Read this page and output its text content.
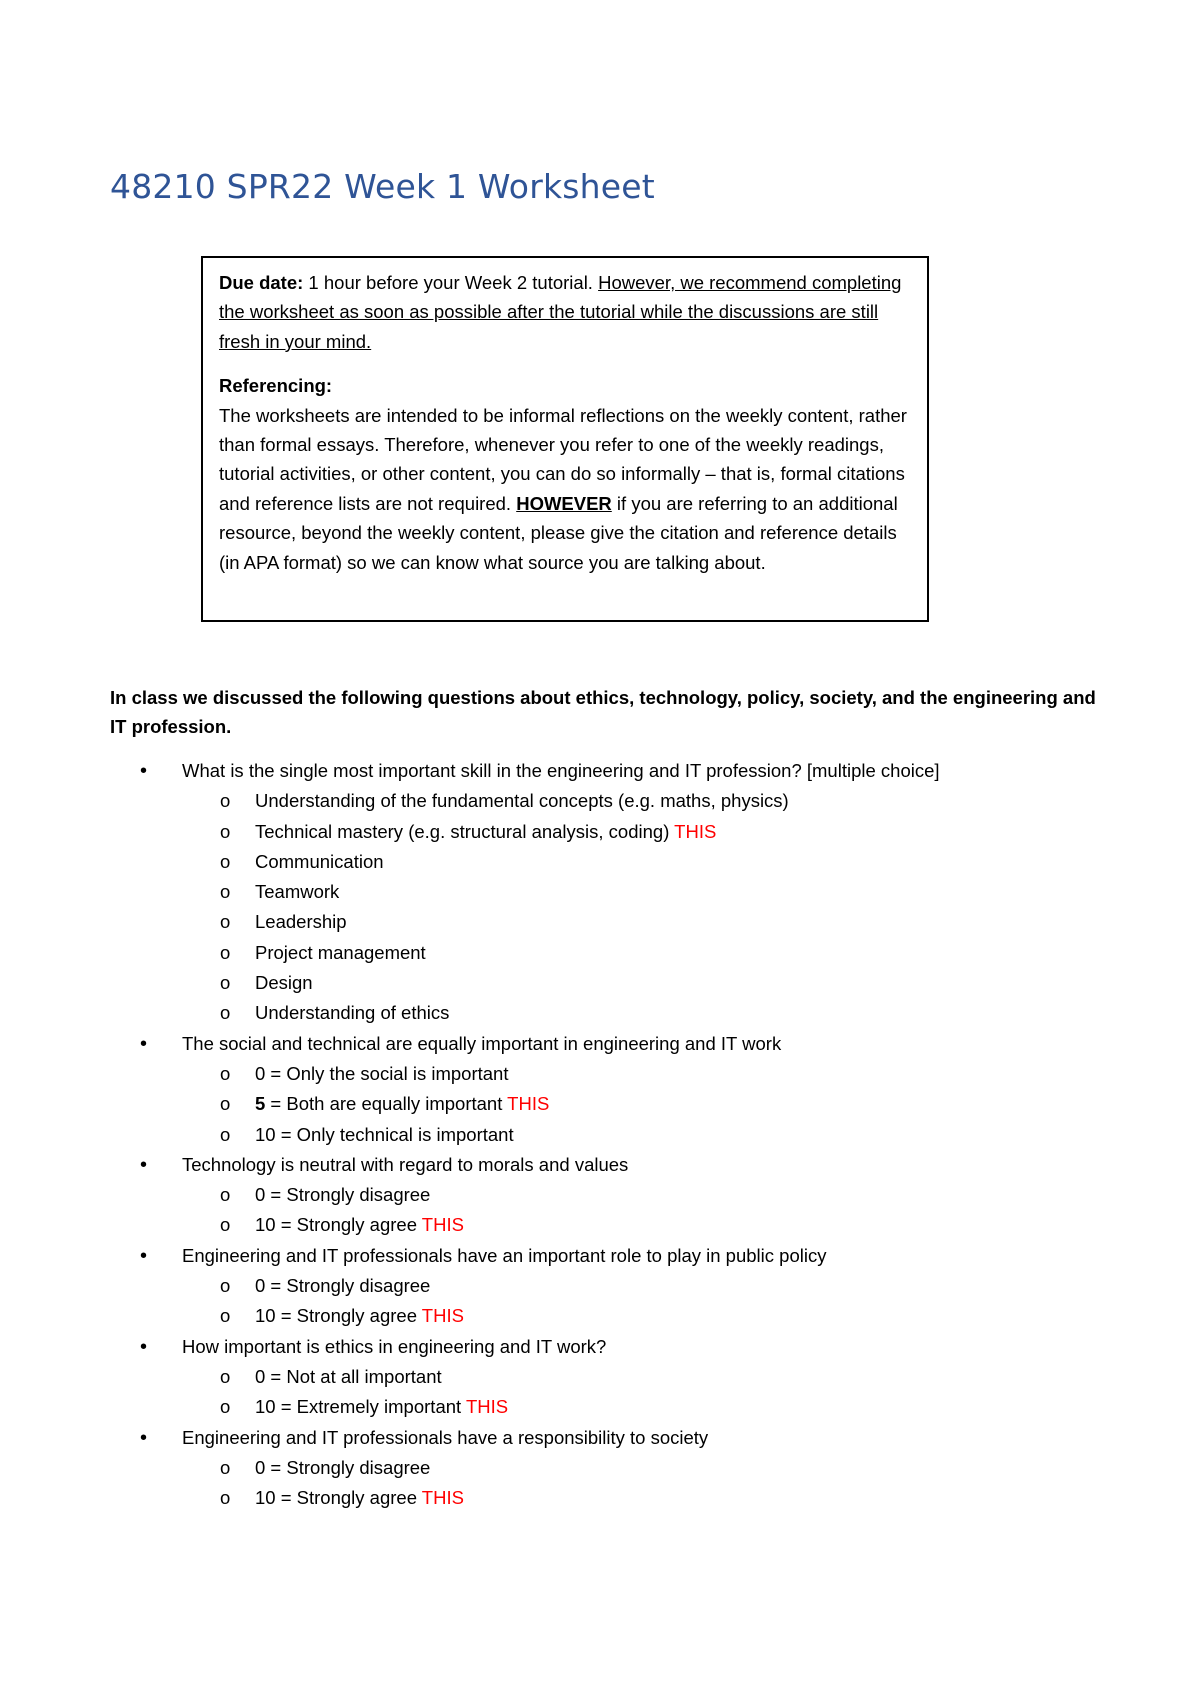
48210 SPR22 Week 1 Worksheet

Due date: 1 hour before your Week 2 tutorial. However, we recommend completing the worksheet as soon as possible after the tutorial while the discussions are still fresh in your mind.

Referencing:

The worksheets are intended to be informal reflections on the weekly content, rather than formal essays. Therefore, whenever you refer to one of the weekly readings, tutorial activities, or other content, you can do so informally – that is, formal citations and reference lists are not required. HOWEVER if you are referring to an additional resource, beyond the weekly content, please give the citation and reference details (in APA format) so we can know what source you are talking about.

In class we discussed the following questions about ethics, technology, policy, society, and the engineering and IT profession.

• What is the single most important skill in the engineering and IT profession? [multiple choice]
o Understanding of the fundamental concepts (e.g. maths, physics)
o Technical mastery (e.g. structural analysis, coding) THIS
o Communication
o Teamwork
o Leadership
o Project management
o Design
o Understanding of ethics
• The social and technical are equally important in engineering and IT work
o 0 = Only the social is important
o 5 = Both are equally important THIS
o 10 = Only technical is important
• Technology is neutral with regard to morals and values
o 0 = Strongly disagree
o 10 = Strongly agree THIS
• Engineering and IT professionals have an important role to play in public policy
o 0 = Strongly disagree
o 10 = Strongly agree THIS
• How important is ethics in engineering and IT work?
o 0 = Not at all important
o 10 = Extremely important THIS
• Engineering and IT professionals have a responsibility to society
o 0 = Strongly disagree
o 10 = Strongly agree THIS
